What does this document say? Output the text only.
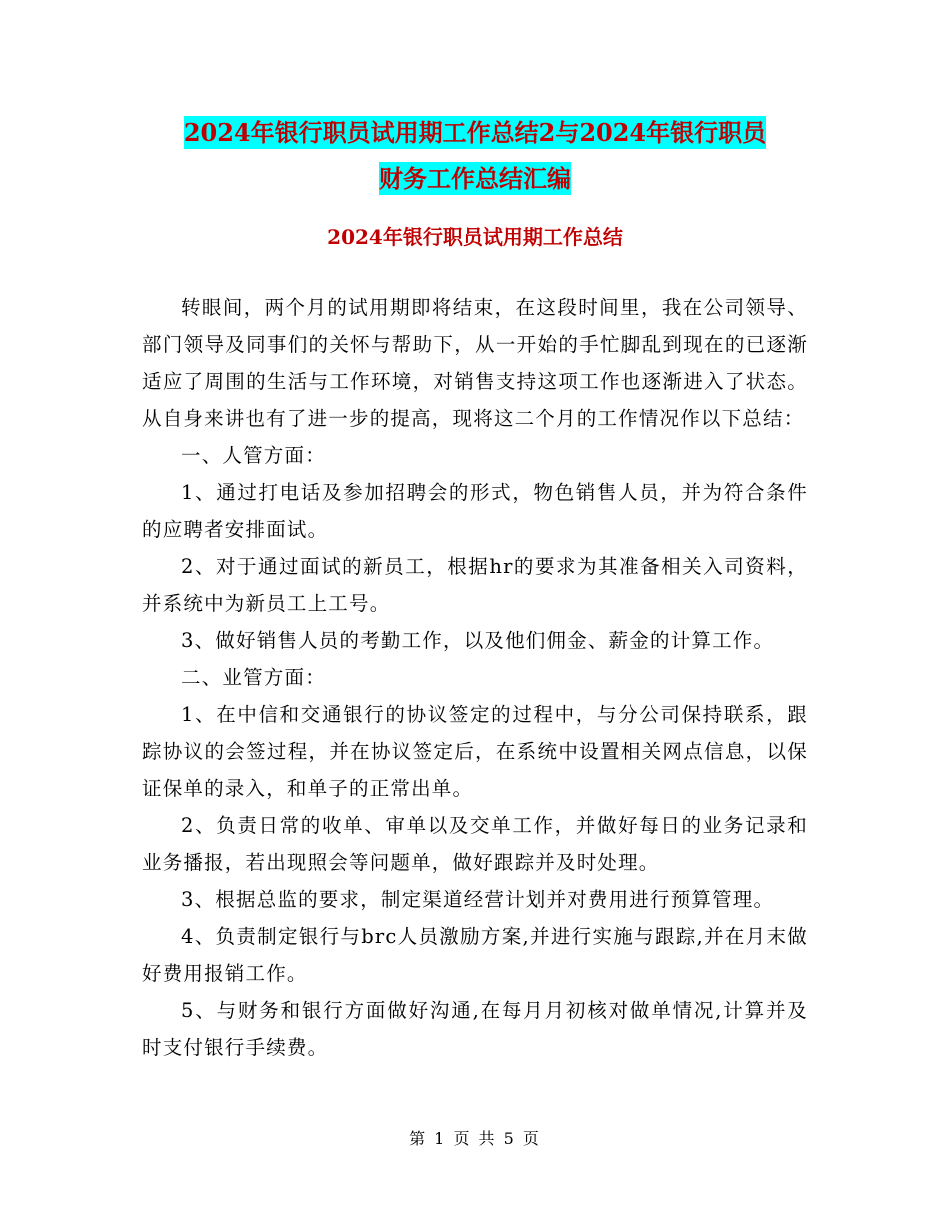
2024年银行职员试用期工作总结2与2024年银行职员
财务工作总结汇编
2024年银行职员试用期工作总结

转眼间，两个月的试用期即将结束，在这段时间里，我在公司领导、部门领导及同事们的关怀与帮助下，从一开始的手忙脚乱到现在的已逐渐适应了周围的生活与工作环境，对销售支持这项工作也逐渐进入了状态。从自身来讲也有了进一步的提高，现将这二个月的工作情况作以下总结：

一、人管方面：

1、通过打电话及参加招聘会的形式，物色销售人员，并为符合条件的应聘者安排面试。

2、对于通过面试的新员工，根据hr的要求为其准备相关入司资料，并系统中为新员工上工号。

3、做好销售人员的考勤工作，以及他们佣金、薪金的计算工作。

二、业管方面：

1、在中信和交通银行的协议签定的过程中，与分公司保持联系，跟踪协议的会签过程，并在协议签定后，在系统中设置相关网点信息，以保证保单的录入，和单子的正常出单。

2、负责日常的收单、审单以及交单工作，并做好每日的业务记录和业务播报，若出现照会等问题单，做好跟踪并及时处理。

3、根据总监的要求，制定渠道经营计划并对费用进行预算管理。

4、负责制定银行与brc人员激励方案,并进行实施与跟踪,并在月末做好费用报销工作。

5、与财务和银行方面做好沟通,在每月月初核对做单情况,计算并及时支付银行手续费。

第 1 页 共 5 页
